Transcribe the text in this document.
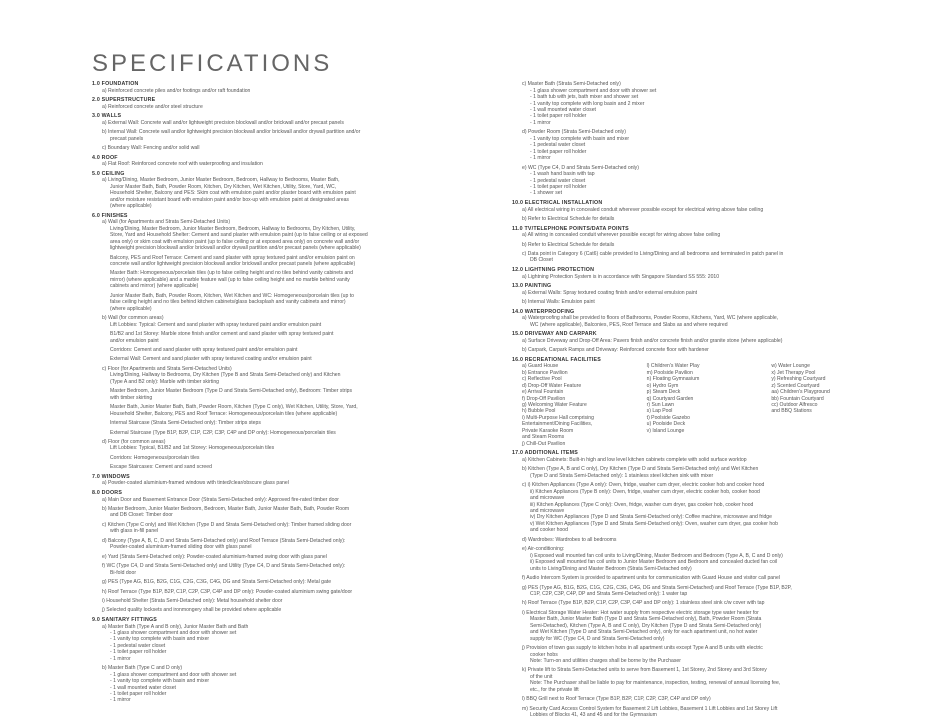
SPECIFICATIONS
1.0 FOUNDATION
a) Reinforced concrete piles and/or footings and/or raft foundation
2.0 SUPERSTRUCTURE
a) Reinforced concrete and/or steel structure
3.0 WALLS
a) External Wall: Concrete wall and/or lightweight precision blockwall and/or brickwall and/or precast panels
b) Internal Wall: Concrete wall and/or lightweight precision blockwall and/or brickwall and/or drywall partition and/or
precast panels
c) Boundary Wall: Fencing and/or solid wall
4.0 ROOF
a) Flat Roof: Reinforced concrete roof with waterproofing and insulation
5.0 CEILING
a) Living/Dining, Master Bedroom, Junior Master Bedroom, Bedroom, Hallway to Bedrooms, Master Bath,
Junior Master Bath, Bath, Powder Room, Kitchen, Dry Kitchen, Wet Kitchen, Utility, Store, Yard, WC,
Household Shelter, Balcony and PES: Skim coat with emulsion paint and/or plaster board with emulsion paint
and/or moisture resistant board with emulsion paint and/or box-up with emulsion paint at designated areas
(where applicable)
6.0 FINISHES
a) Wall (for Apartments and Strata Semi-Detached Units)
Living/Dining, Master Bedroom, Junior Master Bedroom, Bedroom, Hallway to Bedrooms, Dry Kitchen, Utility,
Store, Yard and Household Shelter: Cement and sand plaster with emulsion paint (up to false ceiling or at exposed
area only) or skim coat with emulsion paint (up to false ceiling or at exposed area only) on concrete wall and/or
lightweight precision blockwall and/or brickwall and/or drywall partition and/or precast panels (where applicable)
Balcony, PES and Roof Terrace: Cement and sand plaster with spray textured paint and/or emulsion paint on
concrete wall and/or lightweight precision blockwall and/or brickwall and/or precast panels (where applicable)
Master Bath: Homogeneous/porcelain tiles (up to false ceiling height and no tiles behind vanity cabinets and
mirror) (where applicable) and a marble feature wall (up to false ceiling height and no marble behind vanity
cabinets and mirror) (where applicable)
Junior Master Bath, Bath, Powder Room, Kitchen, Wet Kitchen and WC: Homogeneous/porcelain tiles (up to
false ceiling height and no tiles behind kitchen cabinets/glass backsplash and vanity cabinets and mirror)
(where applicable)
b) Wall (for common areas)
Lift Lobbies: Typical: Cement and sand plaster with spray textured paint and/or emulsion paint
B1/B2 and 1st Storey: Marble stone finish and/or cement and sand plaster with spray textured paint
and/or emulsion paint
Corridors: Cement and sand plaster with spray textured paint and/or emulsion paint
External Wall: Cement and sand plaster with spray textured coating and/or emulsion paint
c) Floor (for Apartments and Strata Semi-Detached Units)
Living/Dining, Hallway to Bedrooms, Dry Kitchen (Type B and Strata Semi-Detached only) and Kitchen
(Type A and B2 only): Marble with timber skirting
Master Bedroom, Junior Master Bedroom (Type D and Strata Semi-Detached only), Bedroom: Timber strips
with timber skirting
Master Bath, Junior Master Bath, Bath, Powder Room, Kitchen (Type C only), Wet Kitchen, Utility, Store, Yard,
Household Shelter, Balcony, PES and Roof Terrace: Homogeneous/porcelain tiles (where applicable)
Internal Staircase (Strata Semi-Detached only): Timber strips steps
External Staircase (Type B1P, B2P, C1P, C2P, C3P, C4P and DP only): Homogeneous/porcelain tiles
d) Floor (for common areas)
Lift Lobbies: Typical, B1/B2 and 1st Storey: Homogeneous/porcelain tiles
Corridors: Homogeneous/porcelain tiles
Escape Staircases: Cement and sand screed
7.0 WINDOWS
a) Powder-coated aluminium-framed windows with tinted/clear/obscure glass panel
8.0 DOORS
a) Main Door and Basement Entrance Door (Strata Semi-Detached only): Approved fire-rated timber door
b) Master Bedroom, Junior Master Bedroom, Bedroom, Master Bath, Junior Master Bath, Bath, Powder Room
and DB Closet: Timber door
c) Kitchen (Type C only) and Wet Kitchen (Type D and Strata Semi-Detached only): Timber framed sliding door
with glass in-fill panel
d) Balcony (Type A, B, C, D and Strata Semi-Detached only) and Roof Terrace (Strata Semi-Detached only):
Powder-coated aluminium-framed sliding door with glass panel
e) Yard (Strata Semi-Detached only): Powder-coated aluminium-framed swing door with glass panel
f) WC (Type C4, D and Strata Semi-Detached only) and Utility (Type C4, D and Strata Semi-Detached only):
Bi-fold door
g) PES (Type AG, B1G, B2G, C1G, C2G, C3G, C4G, DG and Strata Semi-Detached only): Metal gate
h) Roof Terrace (Type B1P, B2P, C1P, C2P, C3P, C4P and DP only): Powder-coated aluminium swing gate/door
i) Household Shelter (Strata Semi-Detached only): Metal household shelter door
j) Selected quality locksets and ironmongery shall be provided where applicable
9.0 SANITARY FITTINGS
a) Master Bath (Type A and B only), Junior Master Bath and Bath
- 1 glass shower compartment and door with shower set
- 1 vanity top complete with basin and mixer
- 1 pedestal water closet
- 1 toilet paper roll holder
- 1 mirror
b) Master Bath (Type C and D only)
- 1 glass shower compartment and door with shower set
- 1 vanity top complete with basin and mixer
- 1 wall mounted water closet
- 1 toilet paper roll holder
- 1 mirror
c) Master Bath (Strata Semi-Detached only)
- 1 glass shower compartment and door with shower set
- 1 bath tub with jets, bath mixer and shower set
- 1 vanity top complete with long basin and 2 mixer
- 1 wall mounted water closet
- 1 toilet paper roll holder
- 1 mirror
d) Powder Room (Strata Semi-Detached only)
- 1 vanity top complete with basin and mixer
- 1 pedestal water closet
- 1 toilet paper roll holder
- 1 mirror
e) WC (Type C4, D and Strata Semi-Detached only)
- 1 wash hand basin with tap
- 1 pedestal water closet
- 1 toilet paper roll holder
- 1 shower set
10.0 ELECTRICAL INSTALLATION
a) All electrical wiring in concealed conduit wherever possible except for electrical wiring above false ceiling
b) Refer to Electrical Schedule for details
11.0 TV/TELEPHONE POINTS/DATA POINTS
a) All wiring in concealed conduit wherever possible except for wiring above false ceiling
b) Refer to Electrical Schedule for details
c) Data point in Category 6 (Cat6) cable provided to Living/Dining and all bedrooms and terminated in patch panel in
DB Closet
12.0 LIGHTNING PROTECTION
a) Lightning Protection System is in accordance with Singapore Standard SS 555: 2010
13.0 PAINTING
a) External Walls: Spray textured coating finish and/or external emulsion paint
b) Internal Walls: Emulsion paint
14.0 WATERPROOFING
a) Waterproofing shall be provided to floors of Bathrooms, Powder Rooms, Kitchens, Yard, WC (where applicable,
WC (where applicable), Balconies, PES, Roof Terrace and Slabs as and where required
15.0 DRIVEWAY AND CARPARK
a) Surface Driveway and Drop-Off Area: Pavers finish and/or concrete finish and/or granite stone (where applicable)
b) Carpark, Carpark Ramps and Driveway: Reinforced concrete floor with hardener
16.0 RECREATIONAL FACILITIES
a) Guard House	l) Children's Water Play	w) Water Lounge
b) Entrance Pavilion	m) Poolside Pavilion	x) Jet Therapy Pool
c) Reflective Pool	n) Floating Gymnasium	y) Refreshing Courtyard
d) Drop-Off Water Feature	o) Hydro Gym	z) Scented Courtyard
e) Arrival Fountain	p) Steam Deck	aa) Children's Playground
f) Drop-Off Pavilion	q) Courtyard Garden	bb) Fountain Courtyard
g) Welcoming Water Feature	r) Sun Lawn	cc) Outdoor Alfresco
h) Bubble Pool	s) Lap Pool	and BBQ Stations
i) Multi-Purpose Hall comprising	t) Poolside Gazebo
Entertainment/Dining Facilities,	u) Poolside Deck
Private Karaoke Room	v) Island Lounge
and Steam Rooms
j) Chill-Out Pavilion
17.0 ADDITIONAL ITEMS
a) Kitchen Cabinets: Built-in high and low level kitchen cabinets complete with solid surface worktop
b) Kitchen (Type A, B and C only), Dry Kitchen (Type D and Strata Semi-Detached only) and Wet Kitchen
(Type D and Strata Semi-Detached only): 1 stainless steel kitchen sink with mixer
c) i) Kitchen Appliances (Type A only): Oven, fridge, washer cum dryer, electric cooker hob and cooker hood
ii) Kitchen Appliances (Type B only): Oven, fridge, washer cum dryer, electric cooker hob, cooker hood
and microwave
iii) Kitchen Appliances (Type C only): Oven, fridge, washer cum dryer, gas cooker hob, cooker hood
and microwave
iv) Dry Kitchen Appliances (Type D and Strata Semi-Detached only): Coffee machine, microwave and fridge
v) Wet Kitchen Appliances (Type D and Strata Semi-Detached only): Oven, washer cum dryer, gas cooker hob
and cooker hood
d) Wardrobes: Wardrobes to all bedrooms
e) Air-conditioning:
i) Exposed wall mounted fan coil units to Living/Dining, Master Bedroom and Bedroom (Type A, B, C and D only)
ii) Exposed wall mounted fan coil units to Junior Master Bedroom and Bedroom and concealed ducted fan coil
units to Living/Dining and Master Bedroom (Strata Semi-Detached only)
f) Audio Intercom System is provided to apartment units for communication with Guard House and visitor call panel
g) PES (Type AG, B1G, B2G, C1G, C2G, C3G, C4G, DG and Strata Semi-Detached) and Roof Terrace (Type B1P, B2P,
C1P, C2P, C3P, C4P, DP and Strata Semi-Detached only): 1 water tap
h) Roof Terrace (Type B1P, B2P, C1P, C2P, C3P, C4P and DP only): 1 stainless steel sink c/w cover with tap
i) Electrical Storage Water Heater: Hot water supply from respective electric storage type water heater for
Master Bath, Junior Master Bath (Type D and Strata Semi-Detached only), Bath, Powder Room (Strata
Semi-Detached), Kitchen (Type A, B and C only), Dry Kitchen (Type D and Strata Semi-Detached only)
and Wet Kitchen (Type D and Strata Semi-Detached only), only for each apartment unit, no hot water
supply for WC (Type C4, D and Strata Semi-Detached only)
j) Provision of town gas supply to kitchen hobs in all apartment units except Type A and B units with electric
cooker hobs
Note: Turn-on and utilities charges shall be borne by the Purchaser
k) Private lift to Strata Semi-Detached units to serve from Basement 1, 1st Storey, 2nd Storey and 3rd Storey
of the unit
Note: The Purchaser shall be liable to pay for maintenance, inspection, testing, renewal of annual licensing fee,
etc., for the private lift
l) BBQ Grill next to Roof Terrace (Type B1P, B2P, C1P, C2P, C3P, C4P and DP only)
m) Security Card Access Control System for Basement 2 Lift Lobbies, Basement 1 Lift Lobbies and 1st Storey Lift
Lobbies of Blocks 41, 43 and 45 and for the Gymnasium
